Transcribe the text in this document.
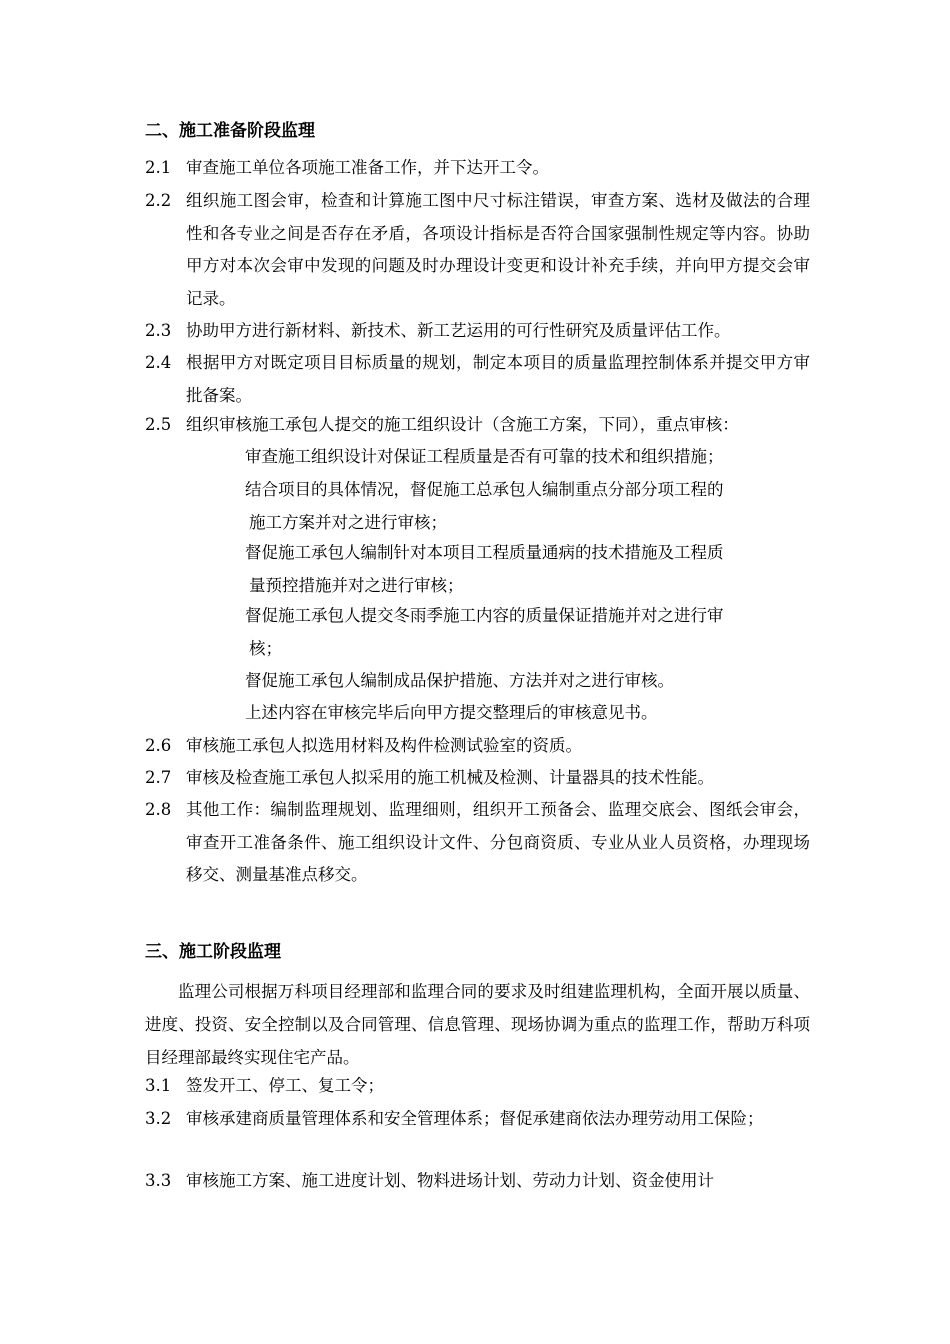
二、施工准备阶段监理
2.1 审查施工单位各项施工准备工作，并下达开工令。
2.2 组织施工图会审，检查和计算施工图中尺寸标注错误，审查方案、选材及做法的合理性和各专业之间是否存在矛盾，各项设计指标是否符合国家强制性规定等内容。协助甲方对本次会审中发现的问题及时办理设计变更和设计补充手续，并向甲方提交会审记录。
2.3 协助甲方进行新材料、新技术、新工艺运用的可行性研究及质量评估工作。
2.4 根据甲方对既定项目目标质量的规划，制定本项目的质量监理控制体系并提交甲方审批备案。
2.5 组织审核施工承包人提交的施工组织设计（含施工方案，下同），重点审核：
审查施工组织设计对保证工程质量是否有可靠的技术和组织措施；
结合项目的具体情况，督促施工总承包人编制重点分部分项工程的
施工方案并对之进行审核；
督促施工承包人编制针对本项目工程质量通病的技术措施及工程质
量预控措施并对之进行审核；
督促施工承包人提交冬雨季施工内容的质量保证措施并对之进行审
核；
督促施工承包人编制成品保护措施、方法并对之进行审核。
上述内容在审核完毕后向甲方提交整理后的审核意见书。
2.6 审核施工承包人拟选用材料及构件检测试验室的资质。
2.7 审核及检查施工承包人拟采用的施工机械及检测、计量器具的技术性能。
2.8 其他工作：编制监理规划、监理细则，组织开工预备会、监理交底会、图纸会审会，审查开工准备条件、施工组织设计文件、分包商资质、专业从业人员资格，办理现场移交、测量基准点移交。
三、施工阶段监理
监理公司根据万科项目经理部和监理合同的要求及时组建监理机构，全面开展以质量、进度、投资、安全控制以及合同管理、信息管理、现场协调为重点的监理工作，帮助万科项目经理部最终实现住宅产品。
3.1 签发开工、停工、复工令；
3.2 审核承建商质量管理体系和安全管理体系；督促承建商依法办理劳动用工保险；
3.3 审核施工方案、施工进度计划、物料进场计划、劳动力计划、资金使用计
